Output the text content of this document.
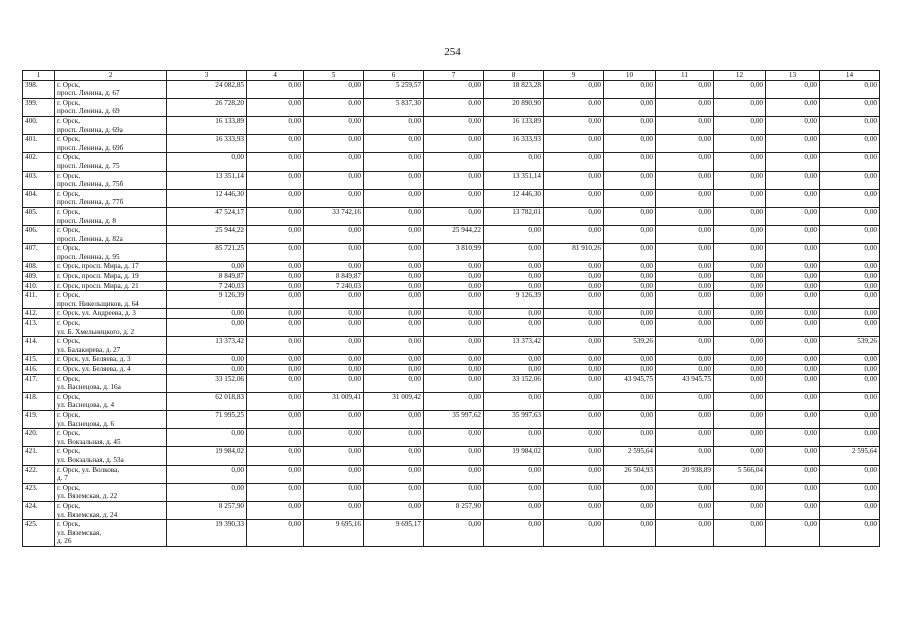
254
1	2	3	4	5	6	7	8	9	10	11	12	13	14
398.	г. Орск,
просп. Ленина, д. 67	24 082,85	0,00	0,00	5 259,57	0,00	18 823,28	0,00	0,00	0,00	0,00	0,00	0,00
399.	г. Орск,
просп. Ленина, д. 69	26 728,20	0,00	0,00	5 837,30	0,00	20 890,90	0,00	0,00	0,00	0,00	0,00	0,00
400.	г. Орск,
просп. Ленина, д. 69а	16 133,89	0,00	0,00	0,00	0,00	16 133,89	0,00	0,00	0,00	0,00	0,00	0,00
401.	г. Орск,
просп. Ленина, д. 69б	16 333,93	0,00	0,00	0,00	0,00	16 333,93	0,00	0,00	0,00	0,00	0,00	0,00
402.	г. Орск,
просп. Ленина, д. 75	0,00	0,00	0,00	0,00	0,00	0,00	0,00	0,00	0,00	0,00	0,00	0,00
403.	г. Орск,
просп. Ленина, д. 75б	13 351,14	0,00	0,00	0,00	0,00	13 351,14	0,00	0,00	0,00	0,00	0,00	0,00
404.	г. Орск,
просп. Ленина, д. 77б	12 446,30	0,00	0,00	0,00	0,00	12 446,30	0,00	0,00	0,00	0,00	0,00	0,00
405.	г. Орск,
просп. Ленина, д. 8	47 524,17	0,00	33 742,16	0,00	0,00	13 782,01	0,00	0,00	0,00	0,00	0,00	0,00
406.	г. Орск,
просп. Ленина, д. 82а	25 944,22	0,00	0,00	0,00	25 944,22	0,00	0,00	0,00	0,00	0,00	0,00	0,00
407.	г. Орск,
просп. Ленина, д. 95	85 721,25	0,00	0,00	0,00	3 810,99	0,00	81 910,26	0,00	0,00	0,00	0,00	0,00
408.	г. Орск, просп. Мира, д. 17	0,00	0,00	0,00	0,00	0,00	0,00	0,00	0,00	0,00	0,00	0,00	0,00
409.	г. Орск, просп. Мира, д. 19	8 849,87	0,00	8 849,87	0,00	0,00	0,00	0,00	0,00	0,00	0,00	0,00	0,00
410.	г. Орск, просп. Мира, д. 21	7 240,03	0,00	7 240,03	0,00	0,00	0,00	0,00	0,00	0,00	0,00	0,00	0,00
411.	г. Орск,
просп. Никельщиков, д. 64	9 126,39	0,00	0,00	0,00	0,00	9 126,39	0,00	0,00	0,00	0,00	0,00	0,00
412.	г. Орск, ул. Андреева, д. 3	0,00	0,00	0,00	0,00	0,00	0,00	0,00	0,00	0,00	0,00	0,00	0,00
413.	г. Орск,
ул. Б. Хмельницкого, д. 2	0,00	0,00	0,00	0,00	0,00	0,00	0,00	0,00	0,00	0,00	0,00	0,00
414.	г. Орск,
ул. Балакирева, д. 27	13 373,42	0,00	0,00	0,00	0,00	13 373,42	0,00	539,26	0,00	0,00	0,00	539,26
415.	г. Орск, ул. Беляева, д. 3	0,00	0,00	0,00	0,00	0,00	0,00	0,00	0,00	0,00	0,00	0,00	0,00
416.	г. Орск, ул. Беляева, д. 4	0,00	0,00	0,00	0,00	0,00	0,00	0,00	0,00	0,00	0,00	0,00	0,00
417.	г. Орск,
ул. Васнецова, д. 16а	33 152,06	0,00	0,00	0,00	0,00	33 152,06	0,00	43 945,75	43 945,75	0,00	0,00	0,00
418.	г. Орск,
ул. Васнецова, д. 4	62 018,83	0,00	31 009,41	31 009,42	0,00	0,00	0,00	0,00	0,00	0,00	0,00	0,00
419.	г. Орск,
ул. Васнецова, д. 6	71 995,25	0,00	0,00	0,00	35 997,62	35 997,63	0,00	0,00	0,00	0,00	0,00	0,00
420.	г. Орск,
ул. Вокзальная, д. 45	0,00	0,00	0,00	0,00	0,00	0,00	0,00	0,00	0,00	0,00	0,00	0,00
421.	г. Орск,
ул. Вокзальная, д. 53а	19 984,02	0,00	0,00	0,00	0,00	19 984,02	0,00	2 595,64	0,00	0,00	0,00	2 595,64
422.	г. Орск, ул. Волкова,
д. 7	0,00	0,00	0,00	0,00	0,00	0,00	0,00	26 504,93	20 938,89	5 566,04	0,00	0,00
423.	г. Орск,
ул. Вяземская, д. 22	0,00	0,00	0,00	0,00	0,00	0,00	0,00	0,00	0,00	0,00	0,00	0,00
424.	г. Орск,
ул. Вяземская, д. 24	8 257,90	0,00	0,00	0,00	8 257,90	0,00	0,00	0,00	0,00	0,00	0,00	0,00
425.	г. Орск,
ул. Вяземская,
д. 26	19 390,33	0,00	9 695,16	9 695,17	0,00	0,00	0,00	0,00	0,00	0,00	0,00	0,00
